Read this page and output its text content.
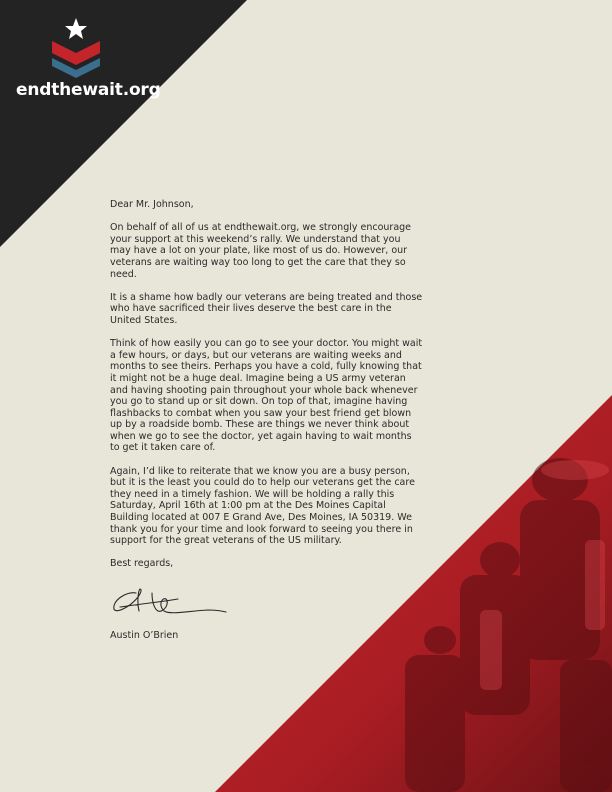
endthewait.org

Dear Mr. Johnson,

On behalf of all of us at endthewait.org, we strongly encourage your support at this weekend’s rally. We understand that you may have a lot on your plate, like most of us do. However, our veterans are waiting way too long to get the care that they so need.

It is a shame how badly our veterans are being treated and those who have sacrificed their lives deserve the best care in the United States.

Think of how easily you can go to see your doctor. You might wait a few hours, or days, but our veterans are waiting weeks and months to see theirs. Perhaps you have a cold, fully knowing that it might not be a huge deal. Imagine being a US army veteran and having shooting pain throughout your whole back whenever you go to stand up or sit down. On top of that, imagine having flashbacks to combat when you saw your best friend get blown up by a roadside bomb. These are things we never think about when we go to see the doctor, yet again having to wait months to get it taken care of.

Again, I’d like to reiterate that we know you are a busy person, but it is the least you could do to help our veterans get the care they need in a timely fashion. We will be holding a rally this Saturday, April 16th at 1:00 pm at the Des Moines Capital Building located at 007 E Grand Ave, Des Moines, IA 50319. We thank you for your time and look forward to seeing you there in support for the great veterans of the US military.

Best regards,

Austin O’Brien
